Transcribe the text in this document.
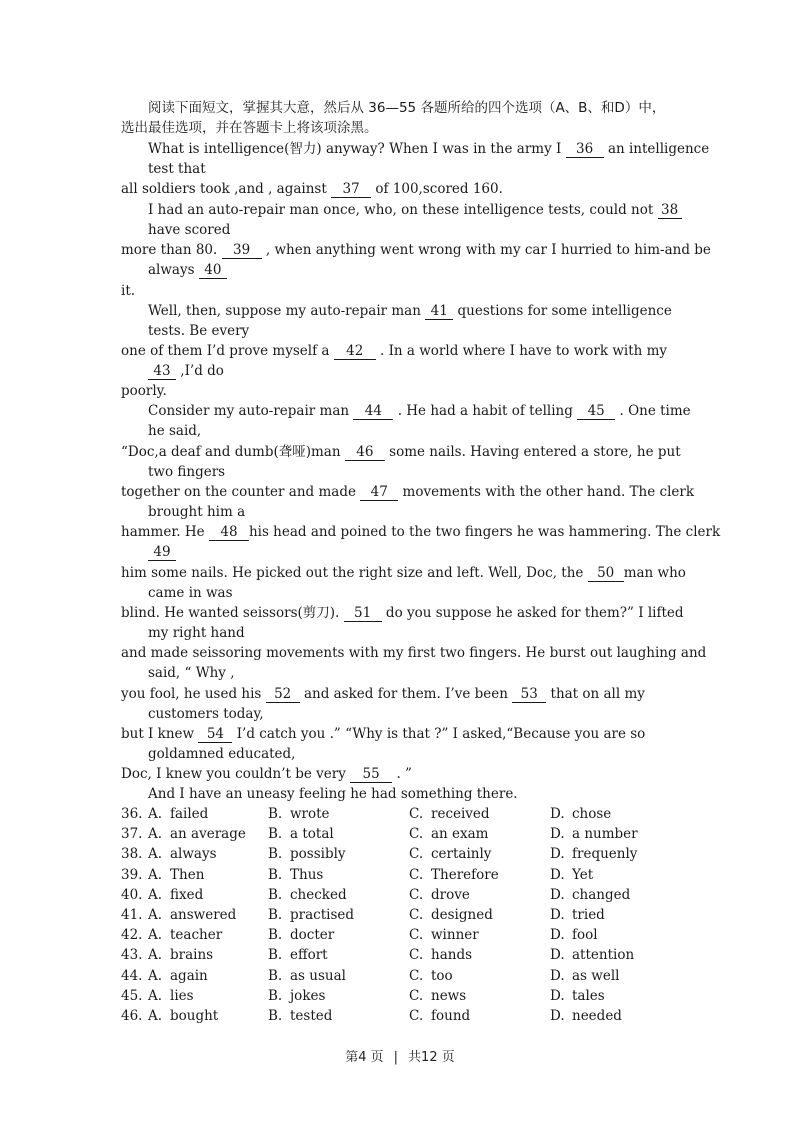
阅读下面短文，掌握其大意，然后从 36—55 各题所给的四个选项（A、B、和D）中，
选出最佳选项，并在答题卡上将该项涂黑。
What is intelligence(智力) anyway? When I was in the army I 36 an intelligence
test that
all soldiers took ,and , against 37 of 100,scored 160.
I had an auto-repair man once, who, on these intelligence tests, could not 38
have scored
more than 80. 39 , when anything went wrong with my car I hurried to him-and be
always 40
it.
Well, then, suppose my auto-repair man 41 questions for some intelligence
tests. Be every
one of them I’d prove myself a 42 . In a world where I have to work with my
43 ,I’d do
poorly.
Consider my auto-repair man 44 . He had a habit of telling 45 . One time
he said,
“Doc,a deaf and dumb(聋哑)man 46 some nails. Having entered a store, he put
two fingers
together on the counter and made 47 movements with the other hand. The clerk
brought him a
hammer. He 48 his head and poined to the two fingers he was hammering. The clerk
49
him some nails. He picked out the right size and left. Well, Doc, the 50 man who
came in was
blind. He wanted seissors(剪刀). 51 do you suppose he asked for them?” I lifted
my right hand
and made seissoring movements with my first two fingers. He burst out laughing and
said, “ Why ,
you fool, he used his 52 and asked for them. I’ve been 53 that on all my
customers today,
but I knew 54 I’d catch you .” “Why is that ?” I asked,“Because you are so
goldamned educated,
Doc, I knew you couldn’t be very 55 . ”
And I have an uneasy feeling he had something there.
36. A. failed	B. wrote	C. received	D. chose
37. A. an average	B. a total	C. an exam	D. a number
38. A. always	B. possibly	C. certainly	D. frequenly
39. A. Then	B. Thus	C. Therefore	D. Yet
40. A. fixed	B. checked	C. drove	D. changed
41. A. answered	B. practised	C. designed	D. tried
42. A. teacher	B. docter	C. winner	D. fool
43. A. brains	B. effort	C. hands	D. attention
44. A. again	B. as usual	C. too	D. as well
45. A. lies	B. jokes	C. news	D. tales
46. A. bought	B. tested	C. found	D. needed
第4 页 | 共12 页
